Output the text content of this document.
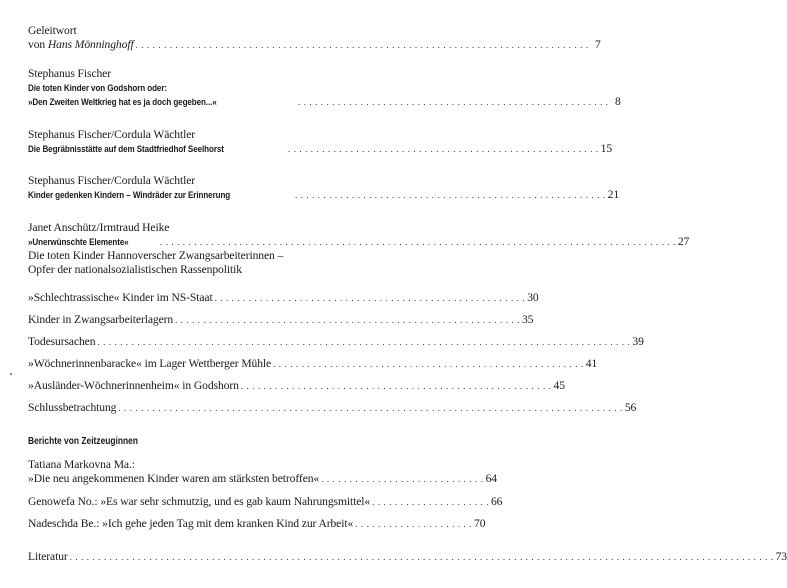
Geleitwort
von Hans Mönninghoff . . . . . . . . . . . . . . . . . . . . . . . . . . . . . . . . . . . . . . . . . . . . . . . . . . . . . . . . . . . . . . . . . . . . . . . . . . . . . . . . 7
Stephanus Fischer
Die toten Kinder von Godshorn oder:
»Den Zweiten Weltkrieg hat es ja doch gegeben...«	. . . . . . . . . . . . . . . . . . . . . . . . . . . . . . . . . . . . . . . . . . . . . . . . . . . . . . . 8
Stephanus Fischer/Cordula Wächtler
Die Begräbnisstätte auf dem Stadtfriedhof Seelhorst	. . . . . . . . . . . . . . . . . . . . . . . . . . . . . . . . . . . . . . . . . . . . . . . . . . . . . . . 15
Stephanus Fischer/Cordula Wächtler
Kinder gedenken Kindern – Windräder zur Erinnerung	. . . . . . . . . . . . . . . . . . . . . . . . . . . . . . . . . . . . . . . . . . . . . . . . . . . . . . . 21
Janet Anschütz/Irmtraud Heike
»Unerwünschte Elemente«	. . . . . . . . . . . . . . . . . . . . . . . . . . . . . . . . . . . . . . . . . . . . . . . . . . . . . . . . . . . . . . . . . . . . . . . . . . . . . . . . . . . . . . . . . . . 27
Die toten Kinder Hannoverscher Zwangsarbeiterinnen –
Opfer der nationalsozialistischen Rassenpolitik
»Schlechtrassische« Kinder im NS-Staat . . . . . . . . . . . . . . . . . . . . . . . . . . . . . . . . . . . . . . . . . . . . . . . . . . . . . . . 30
Kinder in Zwangsarbeiterlagern . . . . . . . . . . . . . . . . . . . . . . . . . . . . . . . . . . . . . . . . . . . . . . . . . . . . . . . . . . . . . 35
Todesursachen . . . . . . . . . . . . . . . . . . . . . . . . . . . . . . . . . . . . . . . . . . . . . . . . . . . . . . . . . . . . . . . . . . . . . . . . . . . . . . . . . . . . . . . . . . . . . . 39
»Wöchnerinnenbaracke« im Lager Wettberger Mühle . . . . . . . . . . . . . . . . . . . . . . . . . . . . . . . . . . . . . . . . . . . . . . . . . . . . . . . 41
»Ausländer-Wöchnerinnenheim« in Godshorn . . . . . . . . . . . . . . . . . . . . . . . . . . . . . . . . . . . . . . . . . . . . . . . . . . . . . . . 45
Schlussbetrachtung . . . . . . . . . . . . . . . . . . . . . . . . . . . . . . . . . . . . . . . . . . . . . . . . . . . . . . . . . . . . . . . . . . . . . . . . . . . . . . . . . . . . . . . . . 56
Berichte von Zeitzeuginnen
Tatiana Markovna Ma.:
»Die neu angekommenen Kinder waren am stärksten betroffen« . . . . . . . . . . . . . . . . . . . . . . . . . . . . . 64
Genowefa No.: »Es war sehr schmutzig, und es gab kaum Nahrungsmittel« . . . . . . . . . . . . . . . . . . . . . 66
Nadeschda Be.: »Ich gehe jeden Tag mit dem kranken Kind zur Arbeit« . . . . . . . . . . . . . . . . . . . . . 70
Literatur . . . . . . . . . . . . . . . . . . . . . . . . . . . . . . . . . . . . . . . . . . . . . . . . . . . . . . . . . . . . . . . . . . . . . . . . . . . . . . . . . . . . . . . . . . . . . . . . . . . . . . . . . . . . . . . . . . . . . . . . . . . . 73
